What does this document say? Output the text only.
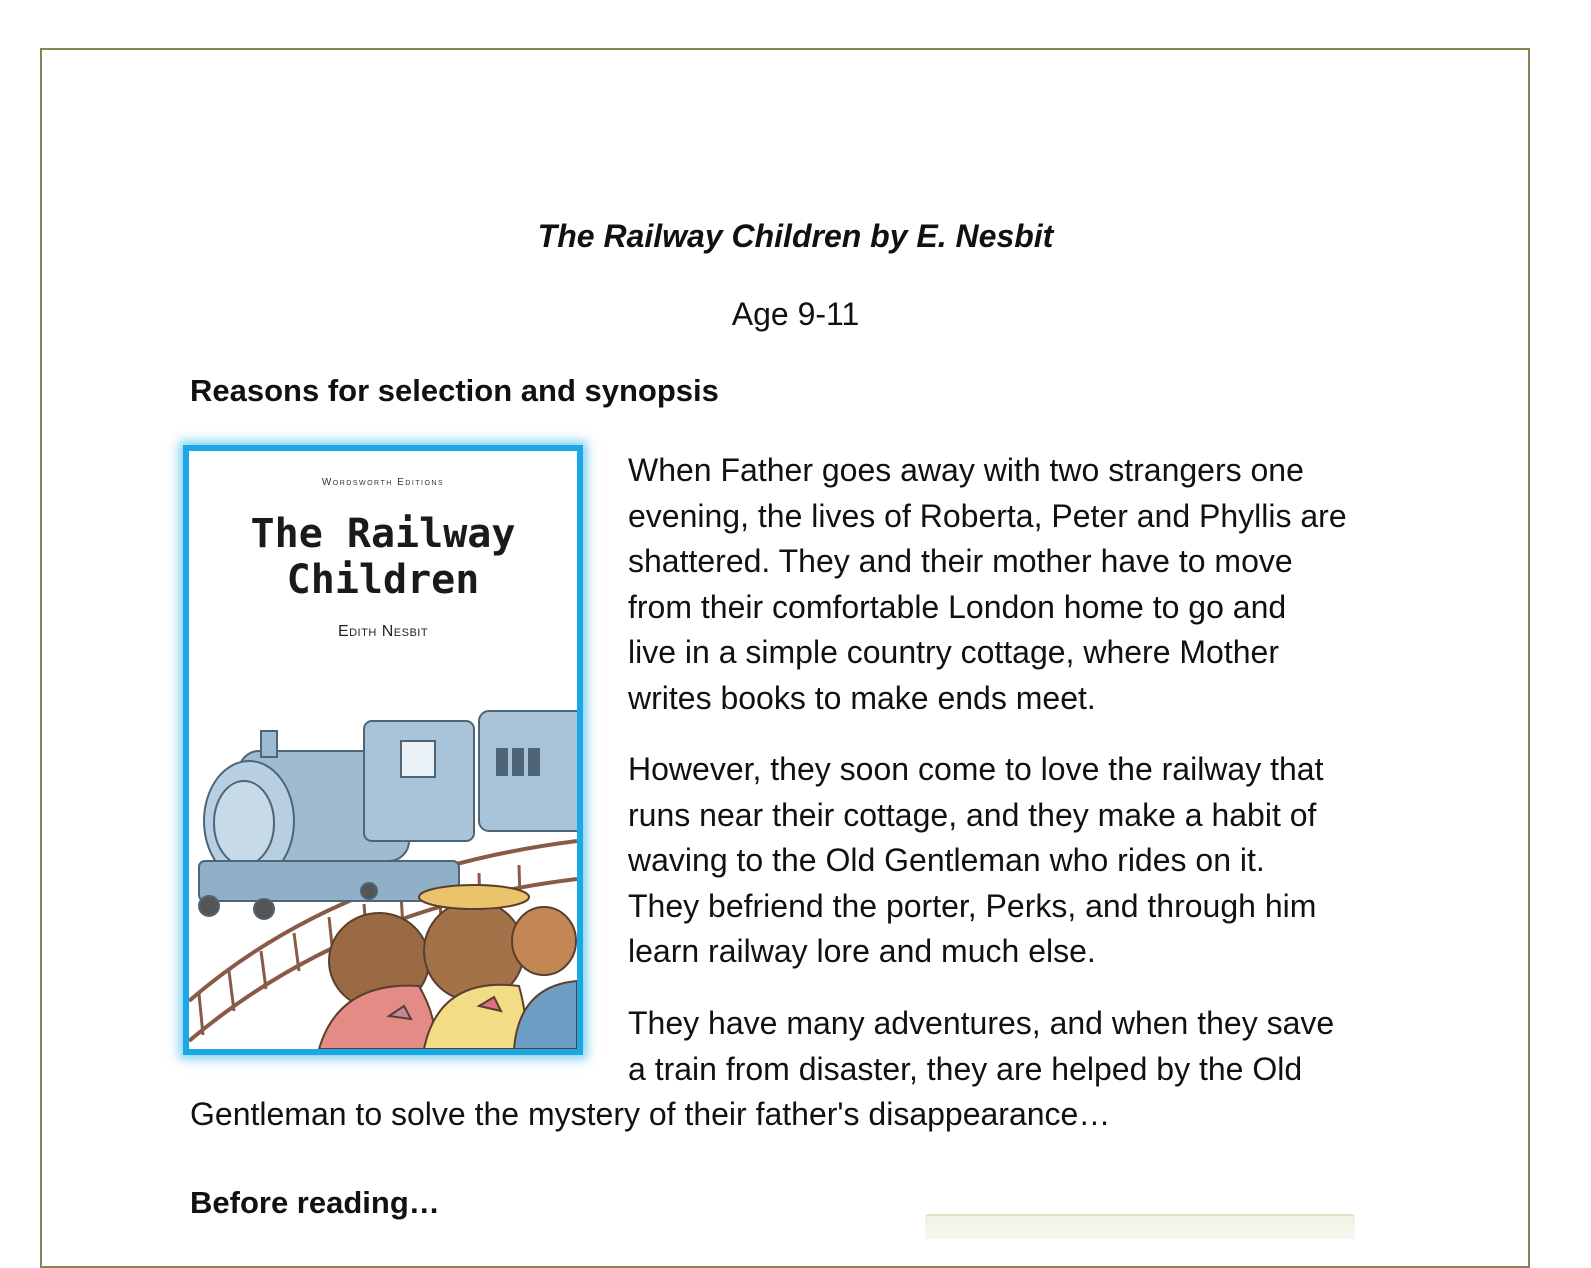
The Railway Children by E. Nesbit

Age 9-11

Reasons for selection and synopsis
Wordsworth Editions
The Railway
Children
Edith Nesbit

When Father goes away with two strangers one
evening, the lives of Roberta, Peter and Phyllis are
shattered. They and their mother have to move
from their comfortable London home to go and
live in a simple country cottage, where Mother
writes books to make ends meet.

However, they soon come to love the railway that
runs near their cottage, and they make a habit of
waving to the Old Gentleman who rides on it.
They befriend the porter, Perks, and through him
learn railway lore and much else.

They have many adventures, and when they save
a train from disaster, they are helped by the Old

Gentleman to solve the mystery of their father's disappearance…

Before reading…
